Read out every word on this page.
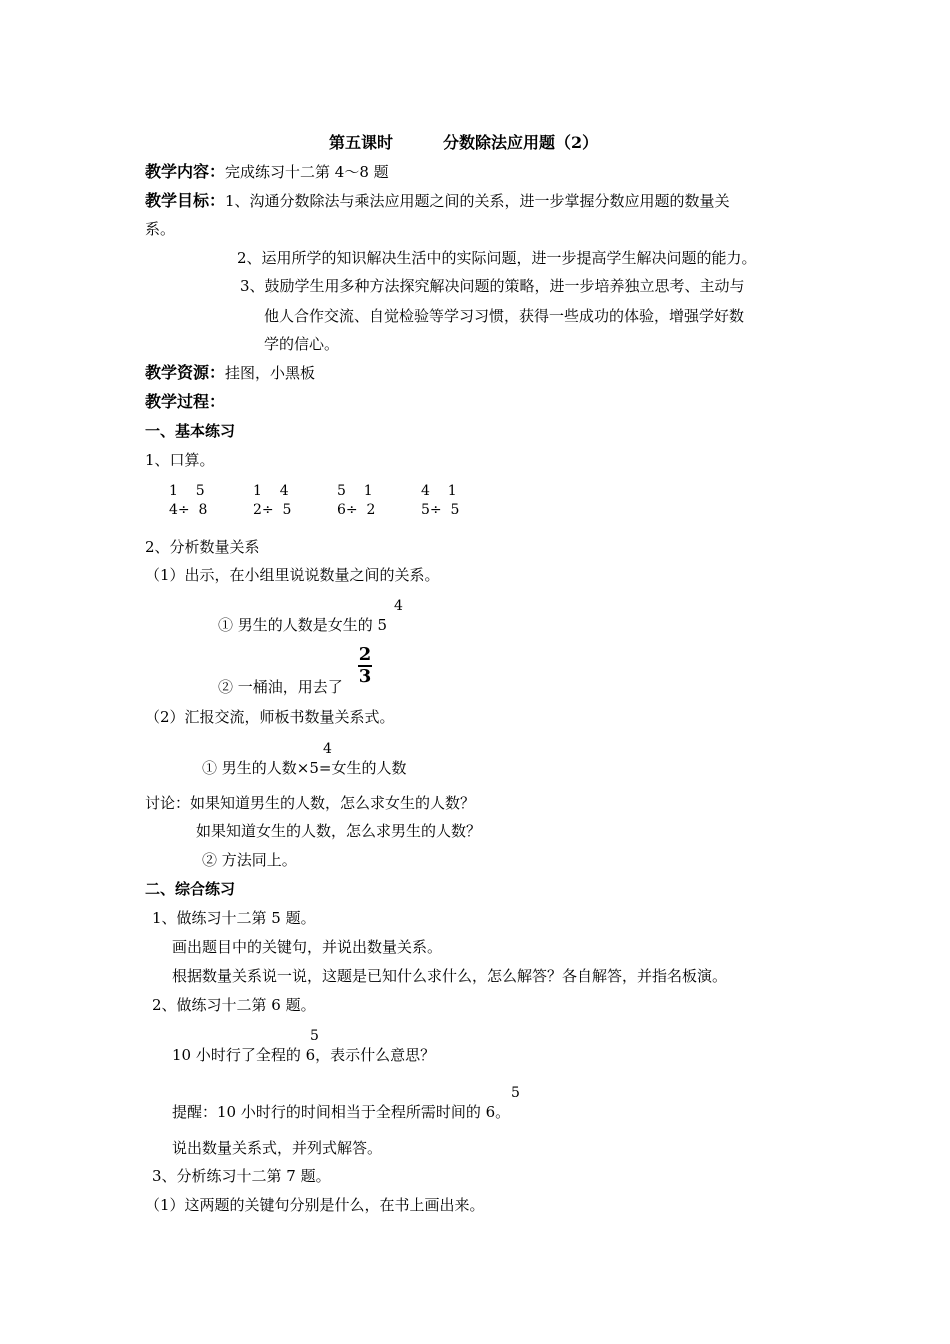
第五课时	分数除法应用题（2）
教学内容：完成练习十二第 4～8 题
教学目标：1、沟通分数除法与乘法应用题之间的关系，进一步掌握分数应用题的数量关
系。
2、运用所学的知识解决生活中的实际问题，进一步提高学生解决问题的能力。
3、鼓励学生用多种方法探究解决问题的策略，进一步培养独立思考、主动与
他人合作交流、自觉检验等学习习惯，获得一些成功的体验，增强学好数
学的信心。
教学资源：挂图，小黑板
教学过程：
一、基本练习
1、口算。
1    5
4÷  8
1    4
2÷  5
5    1
6÷  2
4    1
5÷  5
2、分析数量关系
（1）出示，在小组里说说数量之间的关系。
4
① 男生的人数是女生的 5
② 一桶油，用去了
2
3
（2）汇报交流，师板书数量关系式。
4
① 男生的人数×5=女生的人数
讨论：如果知道男生的人数，怎么求女生的人数？
如果知道女生的人数，怎么求男生的人数？
② 方法同上。
二、综合练习
1、做练习十二第 5 题。
画出题目中的关键句，并说出数量关系。
根据数量关系说一说，这题是已知什么求什么，怎么解答？各自解答，并指名板演。
2、做练习十二第 6 题。
5
10 小时行了全程的 6，表示什么意思？
5
提醒：10 小时行的时间相当于全程所需时间的 6。
说出数量关系式，并列式解答。
3、分析练习十二第 7 题。
（1）这两题的关键句分别是什么，在书上画出来。
